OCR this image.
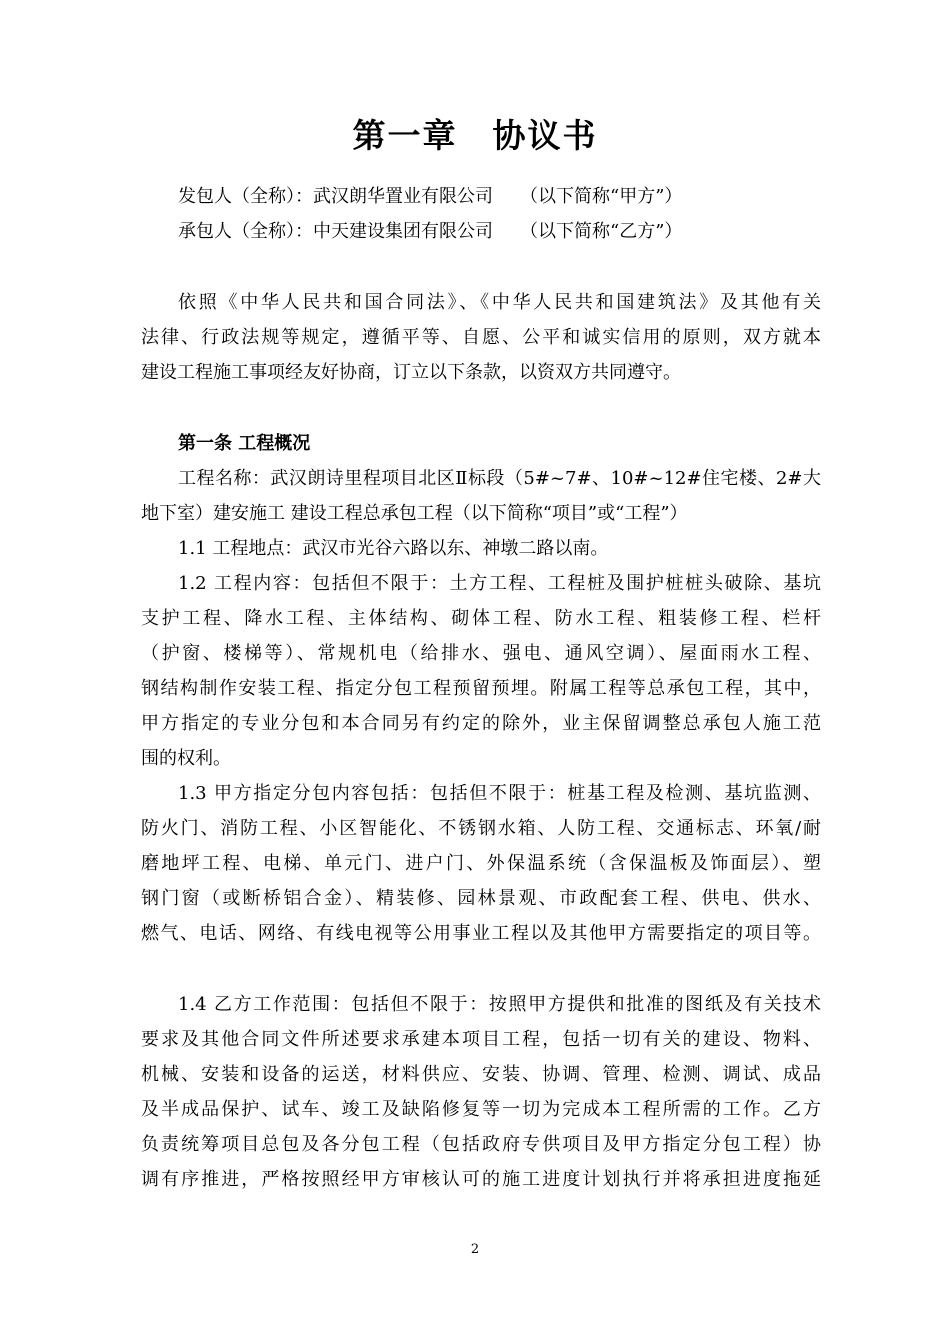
第一章　协议书
发包人（全称）：武汉朗华置业有限公司　　（以下简称“甲方”）
承包人（全称）：中天建设集团有限公司　　（以下简称“乙方”）
依照《中华人民共和国合同法》、《中华人民共和国建筑法》及其他有关
法律、行政法规等规定，遵循平等、自愿、公平和诚实信用的原则，双方就本
建设工程施工事项经友好协商，订立以下条款，以资双方共同遵守。
第一条 工程概况
工程名称：武汉朗诗里程项目北区Ⅱ标段（5#~7#、10#~12#住宅楼、2#大
地下室）建安施工 建设工程总承包工程（以下简称“项目”或“工程”）
1.1 工程地点：武汉市光谷六路以东、神墩二路以南。
1.2 工程内容：包括但不限于：土方工程、工程桩及围护桩桩头破除、基坑
支护工程、降水工程、主体结构、砌体工程、防水工程、粗装修工程、栏杆
（护窗、楼梯等）、常规机电（给排水、强电、通风空调）、屋面雨水工程、
钢结构制作安装工程、指定分包工程预留预埋。附属工程等总承包工程，其中，
甲方指定的专业分包和本合同另有约定的除外，业主保留调整总承包人施工范
围的权利。
1.3 甲方指定分包内容包括：包括但不限于：桩基工程及检测、基坑监测、
防火门、消防工程、小区智能化、不锈钢水箱、人防工程、交通标志、环氧/耐
磨地坪工程、电梯、单元门、进户门、外保温系统（含保温板及饰面层）、塑
钢门窗（或断桥铝合金）、精装修、园林景观、市政配套工程、供电、供水、
燃气、电话、网络、有线电视等公用事业工程以及其他甲方需要指定的项目等。
1.4 乙方工作范围：包括但不限于：按照甲方提供和批准的图纸及有关技术
要求及其他合同文件所述要求承建本项目工程，包括一切有关的建设、物料、
机械、安装和设备的运送，材料供应、安装、协调、管理、检测、调试、成品
及半成品保护、试车、竣工及缺陷修复等一切为完成本工程所需的工作。乙方
负责统筹项目总包及各分包工程（包括政府专供项目及甲方指定分包工程）协
调有序推进，严格按照经甲方审核认可的施工进度计划执行并将承担进度拖延
2
